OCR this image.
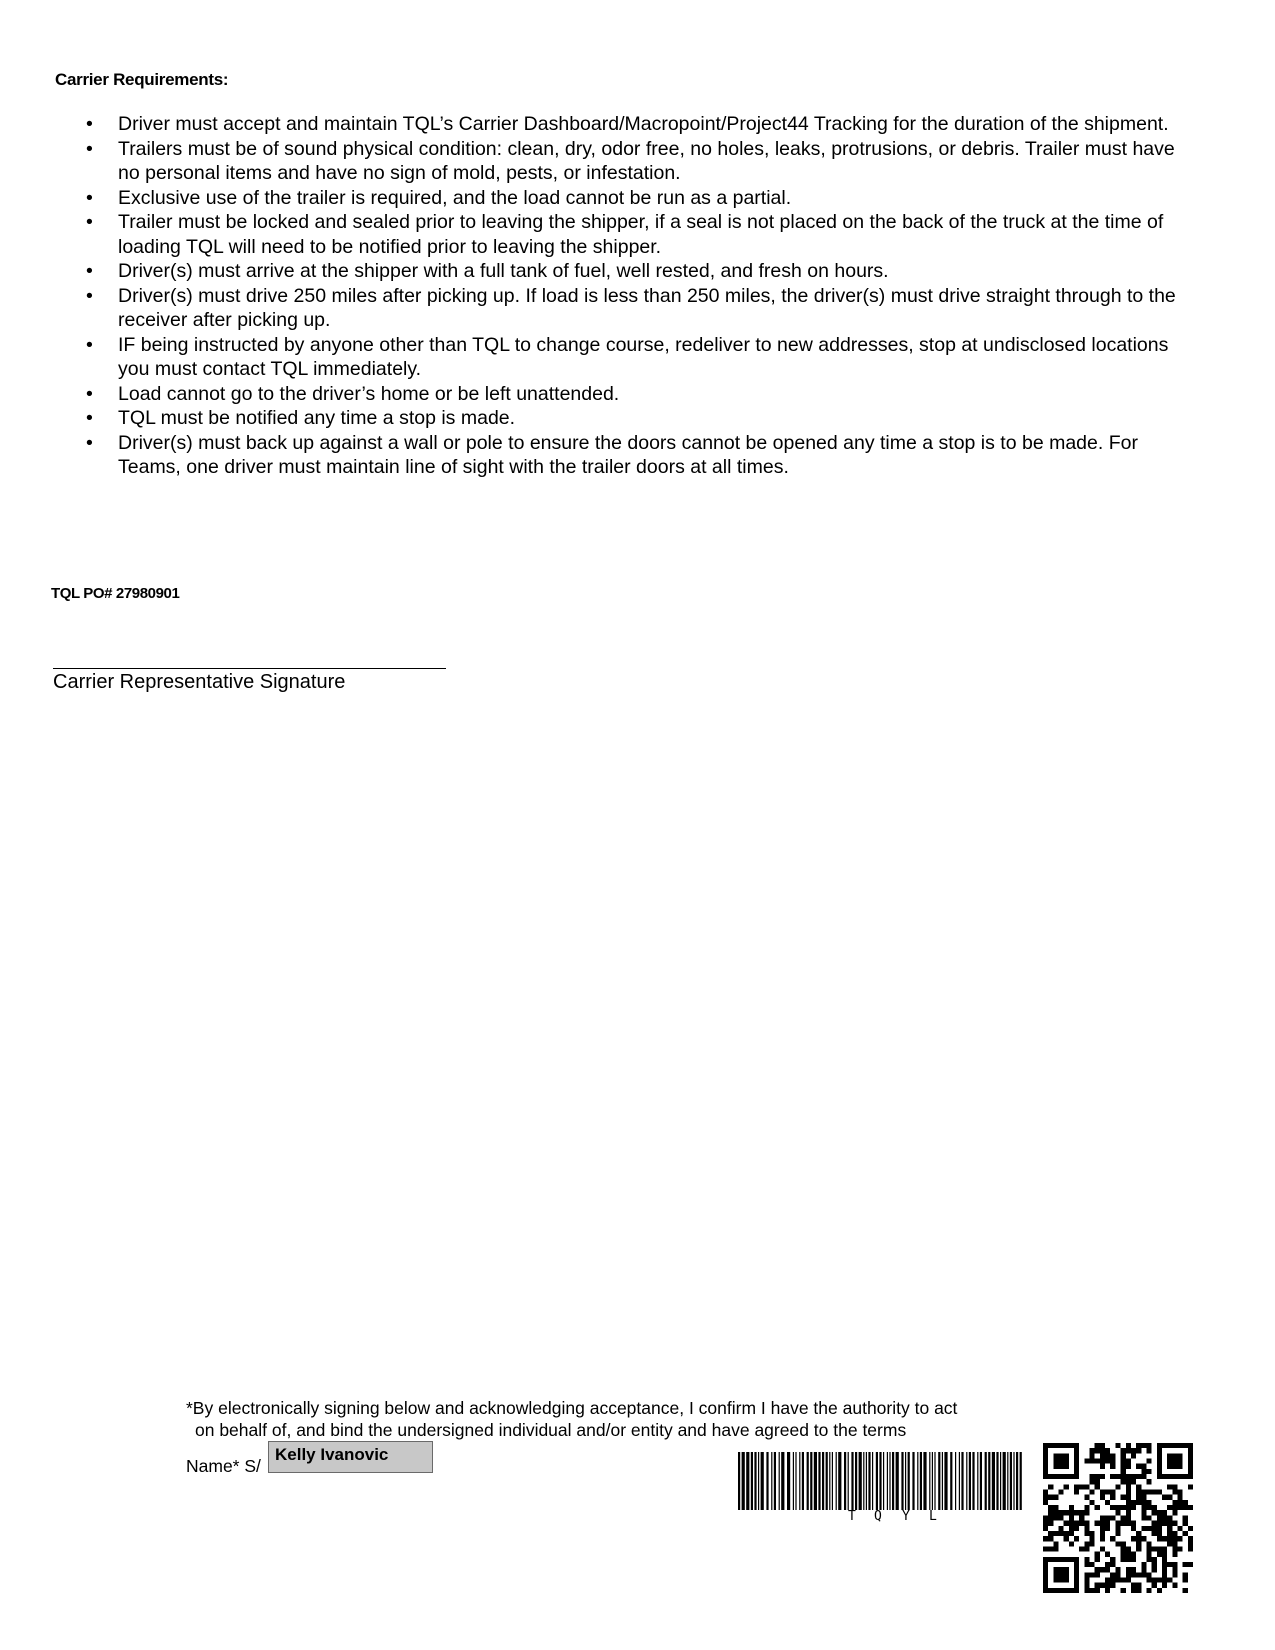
Carrier Requirements:
• Driver must accept and maintain TQL’s Carrier Dashboard/Macropoint/Project44 Tracking for the duration of the shipment.
• Trailers must be of sound physical condition: clean, dry, odor free, no holes, leaks, protrusions, or debris. Trailer must have no personal items and have no sign of mold, pests, or infestation.
• Exclusive use of the trailer is required, and the load cannot be run as a partial.
• Trailer must be locked and sealed prior to leaving the shipper, if a seal is not placed on the back of the truck at the time of loading TQL will need to be notified prior to leaving the shipper.
• Driver(s) must arrive at the shipper with a full tank of fuel, well rested, and fresh on hours.
• Driver(s) must drive 250 miles after picking up. If load is less than 250 miles, the driver(s) must drive straight through to the receiver after picking up.
• IF being instructed by anyone other than TQL to change course, redeliver to new addresses, stop at undisclosed locations you must contact TQL immediately.
• Load cannot go to the driver’s home or be left unattended.
• TQL must be notified any time a stop is made.
• Driver(s) must back up against a wall or pole to ensure the doors cannot be opened any time a stop is to be made. For Teams, one driver must maintain line of sight with the trailer doors at all times.
TQL PO# 27980901
Carrier Representative Signature
*By electronically signing below and acknowledging acceptance, I confirm I have the authority to act
on behalf of, and bind the undersigned individual and/or entity and have agreed to the terms
Name* S/
Kelly Ivanovic
T Q Y L
